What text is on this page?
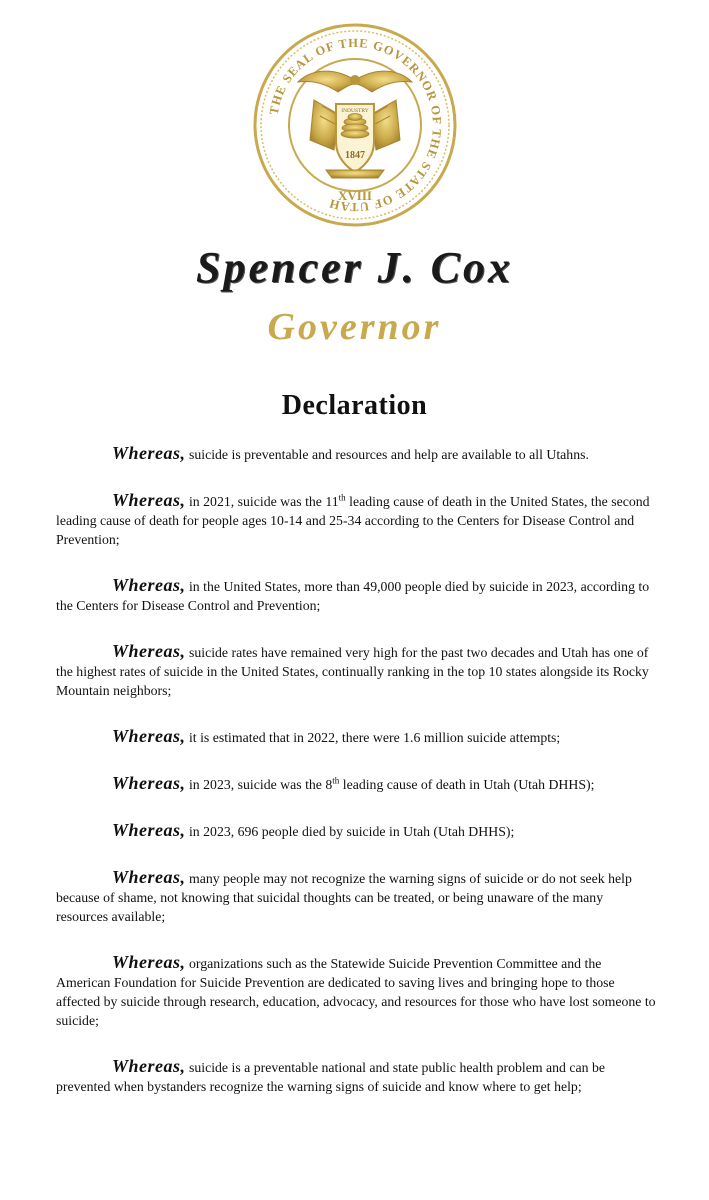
THE SEAL OF THE GOVERNOR OF THE STATE OF UTAH
INDUSTRY
1847
XVIII
Spencer J. Cox
Governor
Declaration

Whereas, suicide is preventable and resources and help are available to all Utahns.

Whereas, in 2021, suicide was the 11th leading cause of death in the United States, the second leading cause of death for people ages 10-14 and 25-34 according to the Centers for Disease Control and Prevention;

Whereas, in the United States, more than 49,000 people died by suicide in 2023, according to the Centers for Disease Control and Prevention;

Whereas, suicide rates have remained very high for the past two decades and Utah has one of the highest rates of suicide in the United States, continually ranking in the top 10 states alongside its Rocky Mountain neighbors;

Whereas, it is estimated that in 2022, there were 1.6 million suicide attempts;

Whereas, in 2023, suicide was the 8th leading cause of death in Utah (Utah DHHS);

Whereas, in 2023, 696 people died by suicide in Utah (Utah DHHS);

Whereas, many people may not recognize the warning signs of suicide or do not seek help because of shame, not knowing that suicidal thoughts can be treated, or being unaware of the many resources available;

Whereas, organizations such as the Statewide Suicide Prevention Committee and the American Foundation for Suicide Prevention are dedicated to saving lives and bringing hope to those affected by suicide through research, education, advocacy, and resources for those who have lost someone to suicide;

Whereas, suicide is a preventable national and state public health problem and can be prevented when bystanders recognize the warning signs of suicide and know where to get help;
